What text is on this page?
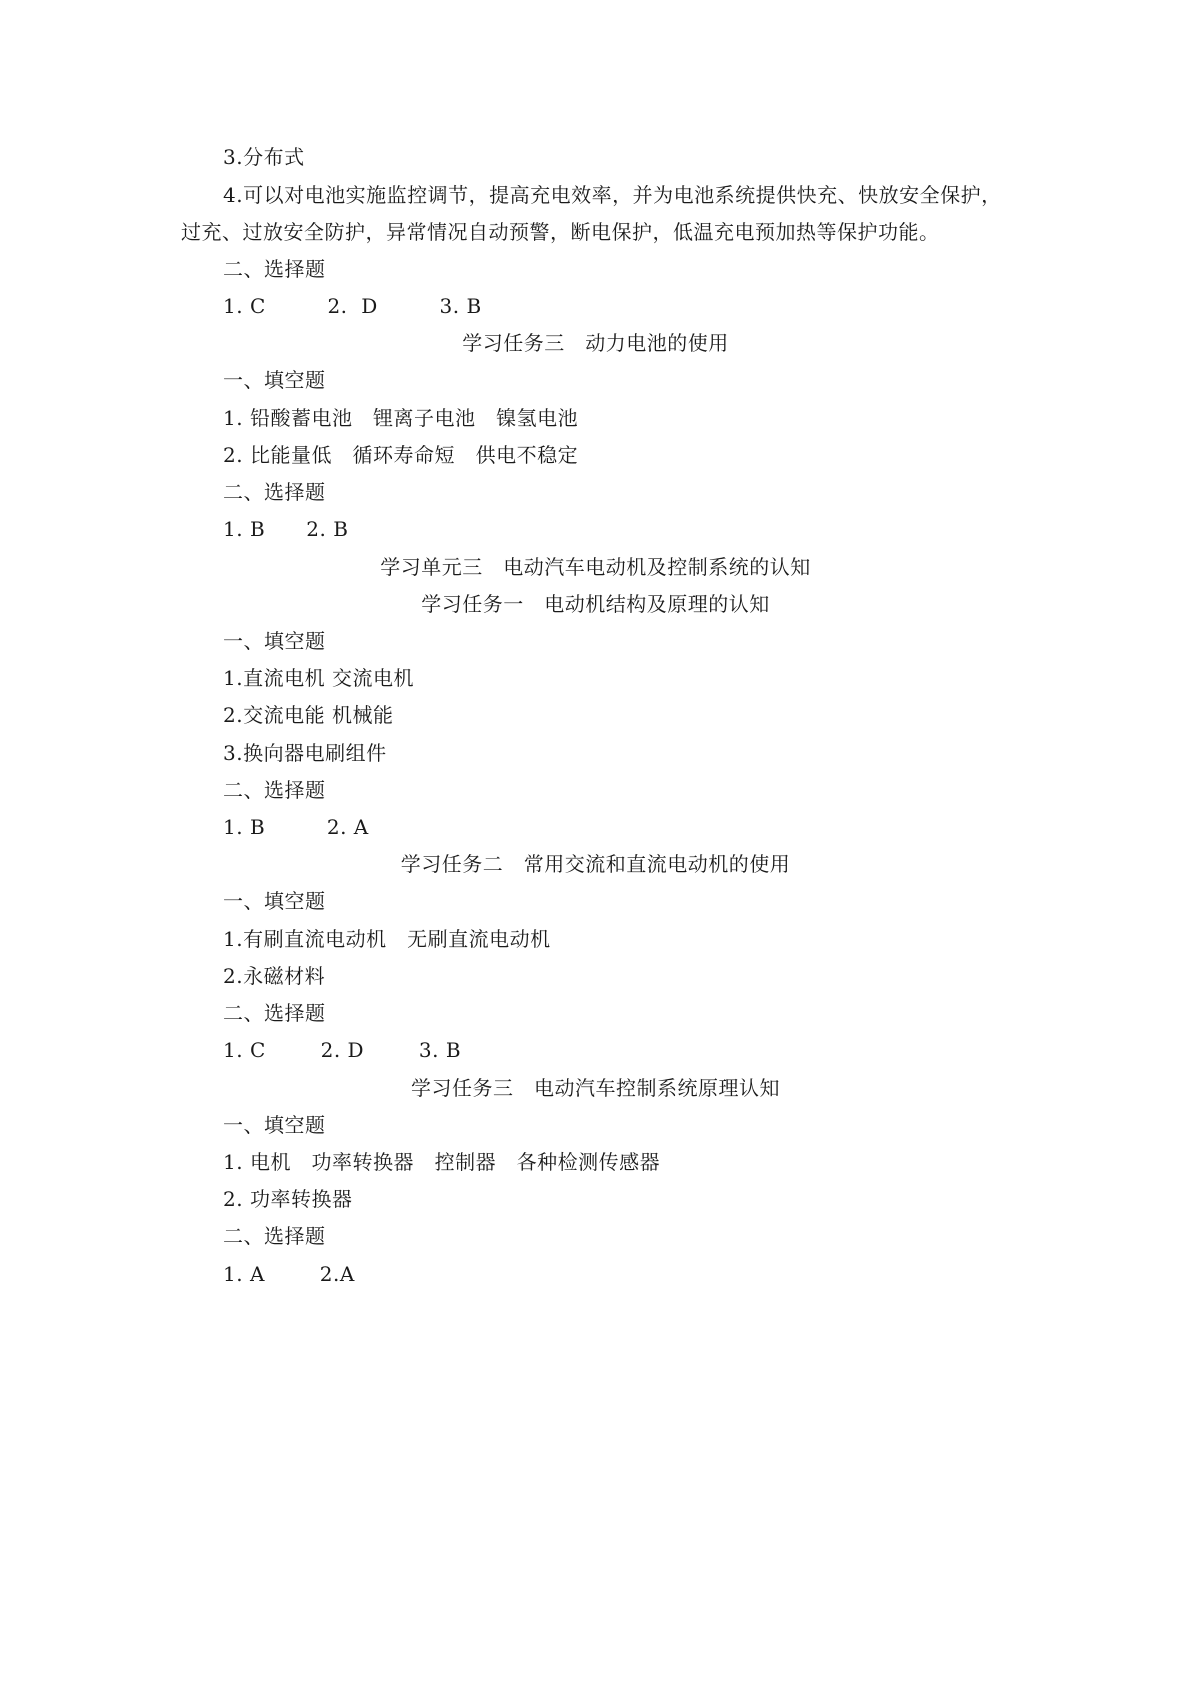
3.分布式
4.可以对电池实施监控调节，提高充电效率，并为电池系统提供快充、快放安全保护，
过充、过放安全防护，异常情况自动预警，断电保护，低温充电预加热等保护功能。
二、选择题
1. C         2.  D         3. B
学习任务三   动力电池的使用
一、填空题
1. 铅酸蓄电池   锂离子电池   镍氢电池
2. 比能量低   循环寿命短   供电不稳定
二、选择题
1. B      2. B
学习单元三   电动汽车电动机及控制系统的认知
学习任务一   电动机结构及原理的认知
一、填空题
1.直流电机 交流电机
2.交流电能 机械能
3.换向器电刷组件
二、选择题
1. B         2. A
学习任务二   常用交流和直流电动机的使用
一、填空题
1.有刷直流电动机   无刷直流电动机
2.永磁材料
二、选择题
1. C        2. D        3. B
学习任务三   电动汽车控制系统原理认知
一、填空题
1. 电机   功率转换器   控制器   各种检测传感器
2. 功率转换器
二、选择题
1. A        2.A
